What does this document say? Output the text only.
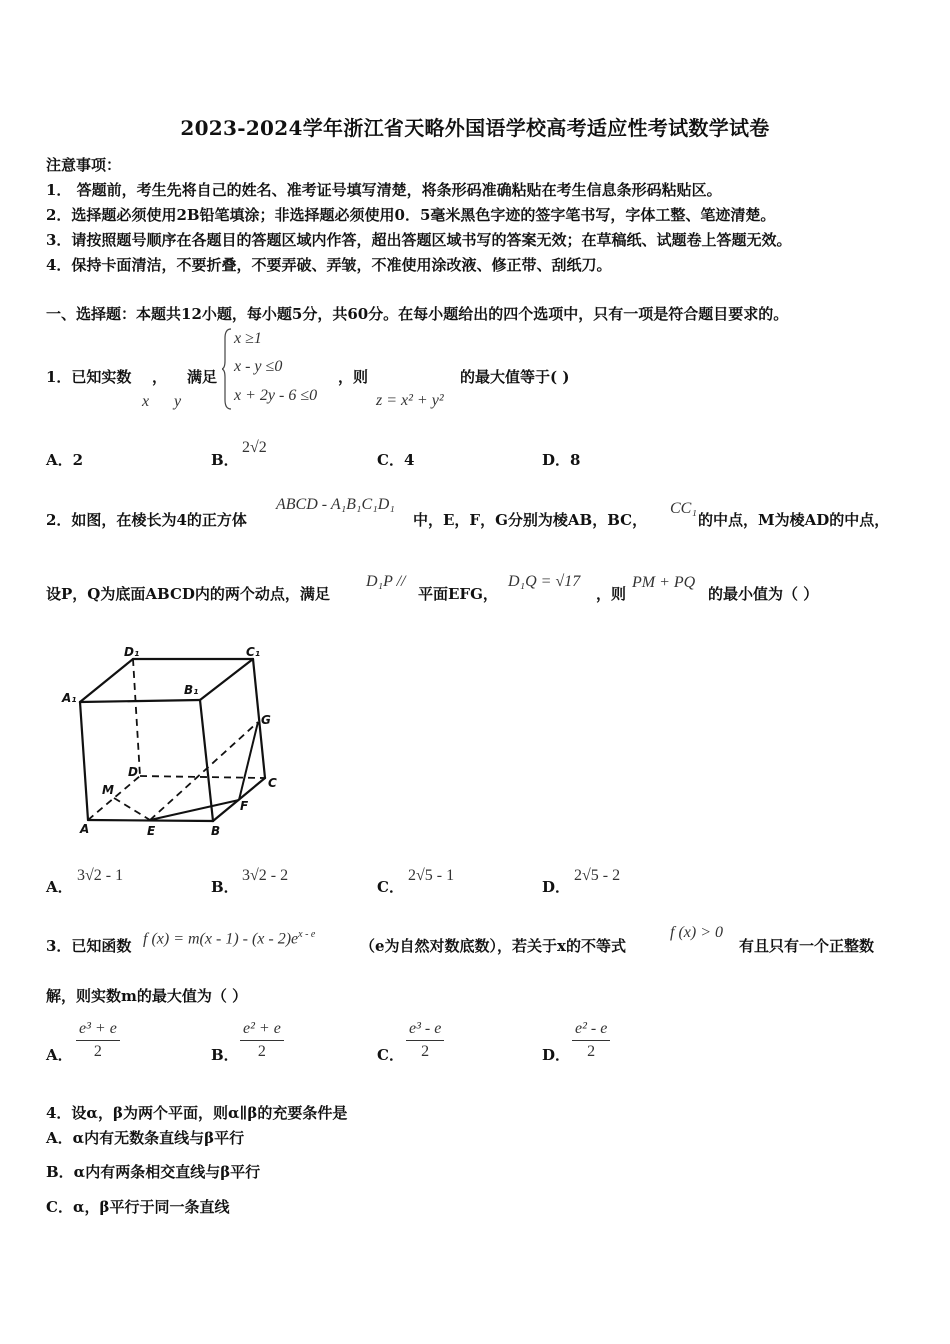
2023-2024学年浙江省天略外国语学校高考适应性考试数学试卷
注意事项：
1． 答题前，考生先将自己的姓名、准考证号填写清楚，将条形码准确粘贴在考生信息条形码粘贴区。
2．选择题必须使用2B铅笔填涂；非选择题必须使用0．5毫米黑色字迹的签字笔书写，字体工整、笔迹清楚。
3．请按照题号顺序在各题目的答题区域内作答，超出答题区域书写的答案无效；在草稿纸、试题卷上答题无效。
4．保持卡面清洁，不要折叠，不要弄破、弄皱，不准使用涂改液、修正带、刮纸刀。
一、选择题：本题共12小题，每小题5分，共60分。在每小题给出的四个选项中，只有一项是符合题目要求的。
1．已知实数 ， 满足
x y
x ≥1
x - y ≤0
x + 2y - 6 ≤0
，则
z = x² + y²
的最大值等于( )
A．2	B．
2√2
C．4	D．8
2．如图，在棱长为4的正方体
ABCD - A₁B₁C₁D₁
中，E，F，G分别为棱AB，BC，
CC₁
的中点，M为棱AD的中点，
设P，Q为底面ABCD内的两个动点，满足
D₁P //
平面EFG，
D₁Q = √17
，则
PM + PQ
的最小值为（ ）
D₁	C₁
A₁
B₁
G
D
C
M
F
A	E	B
A．
3√2 - 1
B．
3√2 - 2
C．
2√5 - 1
D．
2√5 - 2
3．已知函数 f $(x) = m(x - 1) - (x - 2)e^{x - e}$
（e为自然对数底数），若关于x的不等式
f (x) > 0
有且只有一个正整数
解，则实数m的最大值为（ ）
A． $\frac{\text{e³ + e}}{2}$	B． $\frac{\text{e² + e}}{2}$	C． $\frac{\text{e³ - e}}{2}$	D． $\frac{\text{e² - e}}{2}$
4．设α，β为两个平面，则α∥β的充要条件是
A．α内有无数条直线与β平行
B．α内有两条相交直线与β平行
C．α，β平行于同一条直线
